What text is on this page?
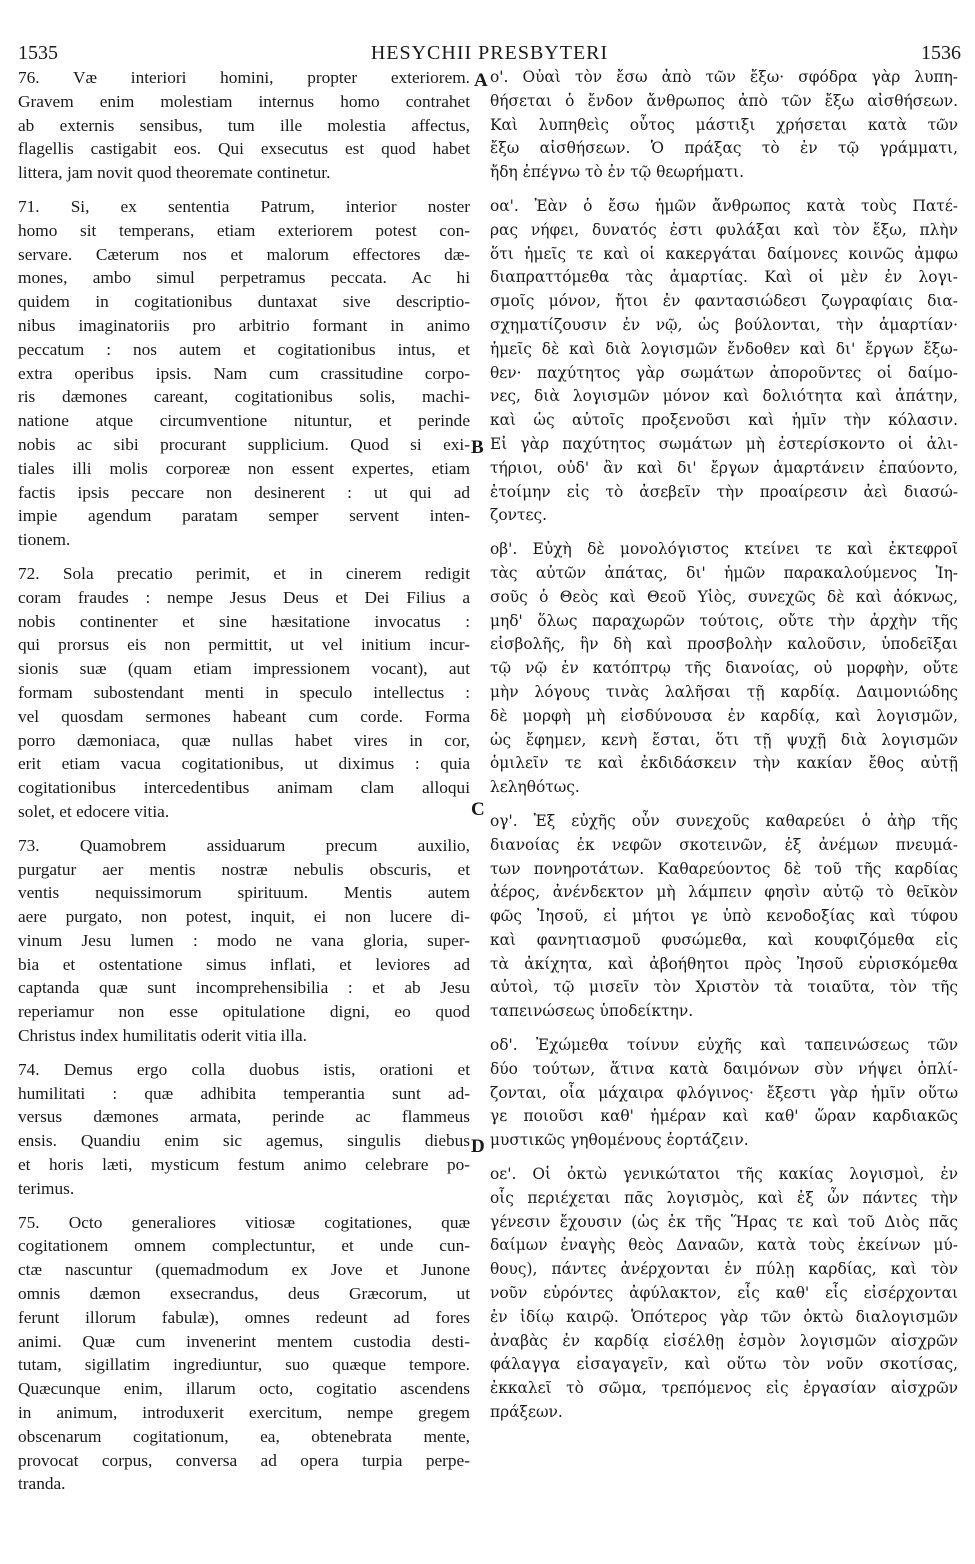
1535	HESYCHII PRESBYTERI	1536
76. Væ interiori homini, propter exteriorem.
Gravem enim molestiam internus homo contrahet
ab externis sensibus, tum ille molestia affectus,
flagellis castigabit eos. Qui exsecutus est quod habet
littera, jam novit quod theoremate continetur.
71. Si, ex sententia Patrum, interior noster
homo sit temperans, etiam exteriorem potest con-
servare. Cæterum nos et malorum effectores dæ-
mones, ambo simul perpetramus peccata. Ac hi
quidem in cogitationibus duntaxat sive descriptio-
nibus imaginatoriis pro arbitrio formant in animo
peccatum : nos autem et cogitationibus intus, et
extra operibus ipsis. Nam cum crassitudine corpo-
ris dæmones careant, cogitationibus solis, machi-
natione atque circumventione nituntur, et perinde
nobis ac sibi procurant supplicium. Quod si exi-
tiales illi molis corporeæ non essent expertes, etiam
factis ipsis peccare non desinerent : ut qui ad
impie agendum paratam semper servent inten-
tionem.
72. Sola precatio perimit, et in cinerem redigit
coram fraudes : nempe Jesus Deus et Dei Filius a
nobis continenter et sine hæsitatione invocatus :
qui prorsus eis non permittit, ut vel initium incur-
sionis suæ (quam etiam impressionem vocant), aut
formam subostendant menti in speculo intellectus :
vel quosdam sermones habeant cum corde. Forma
porro dæmoniaca, quæ nullas habet vires in cor,
erit etiam vacua cogitationibus, ut diximus : quia
cogitationibus intercedentibus animam clam alloqui
solet, et edocere vitia.
73. Quamobrem assiduarum precum auxilio,
purgatur aer mentis nostræ nebulis obscuris, et
ventis nequissimorum spirituum. Mentis autem
aere purgato, non potest, inquit, ei non lucere di-
vinum Jesu lumen : modo ne vana gloria, super-
bia et ostentatione simus inflati, et leviores ad
captanda quæ sunt incomprehensibilia : et ab Jesu
reperiamur non esse opitulatione digni, eo quod
Christus index humilitatis oderit vitia illa.
74. Demus ergo colla duobus istis, orationi et
humilitati : quæ adhibita temperantia sunt ad-
versus dæmones armata, perinde ac flammeus
ensis. Quandiu enim sic agemus, singulis diebus
et horis læti, mysticum festum animo celebrare po-
terimus.
75. Octo generaliores vitiosæ cogitationes, quæ
cogitationem omnem complectuntur, et unde cun-
ctæ nascuntur (quemadmodum ex Jove et Junone
omnis dæmon exsecrandus, deus Græcorum, ut
ferunt illorum fabulæ), omnes redeunt ad fores
animi. Quæ cum invenerint mentem custodia desti-
tutam, sigillatim ingrediuntur, suo quæque tempore.
Quæcunque enim, illarum octo, cogitatio ascendens
in animum, introduxerit exercitum, nempe gregem
obscenarum cogitationum, ea, obtenebrata mente,
provocat corpus, conversa ad opera turpia perpe-
tranda.
ο'. Οὐαὶ τὸν ἔσω ἀπὸ τῶν ἔξω· σφόδρα γὰρ λυπη-
θήσεται ὁ ἔνδον ἄνθρωπος ἀπὸ τῶν ἔξω αἰσθήσεων.
Καὶ λυπηθεὶς οὗτος μάστιξι χρήσεται κατὰ τῶν
ἔξω αἰσθήσεων. Ὁ πράξας τὸ ἐν τῷ γράμματι,
ἤδη ἐπέγνω τὸ ἐν τῷ θεωρήματι.
οα'. Ἐὰν ὁ ἔσω ἡμῶν ἄνθρωπος κατὰ τοὺς Πατέ-
ρας νήφει, δυνατός ἐστι φυλάξαι καὶ τὸν ἔξω, πλὴν
ὅτι ἡμεῖς τε καὶ οἱ κακεργάται δαίμονες κοινῶς ἀμφω
διαπραττόμεθα τὰς ἁμαρτίας. Καὶ οἱ μὲν ἐν λογι-
σμοῖς μόνον, ἤτοι ἐν φαντασιώδεσι ζωγραφίαις δια-
σχηματίζουσιν ἐν νῷ, ὡς βούλονται, τὴν ἁμαρτίαν·
ἡμεῖς δὲ καὶ διὰ λογισμῶν ἔνδοθεν καὶ δι' ἔργων ἔξω-
θεν· παχύτητος γὰρ σωμάτων ἀποροῦντες οἱ δαίμο-
νες, διὰ λογισμῶν μόνον καὶ δολιότητα καὶ ἀπάτην,
καὶ ὡς αὐτοῖς προξενοῦσι καὶ ἡμῖν τὴν κόλασιν.
Εἰ γὰρ παχύτητος σωμάτων μὴ ἐστερίσκοντο οἱ ἀλι-
τήριοι, οὐδ' ἂν καὶ δι' ἔργων ἁμαρτάνειν ἐπαύοντο,
ἑτοίμην εἰς τὸ ἀσεβεῖν τὴν προαίρεσιν ἀεὶ διασώ-
ζοντες.
οβ'. Εὐχὴ δὲ μονολόγιστος κτείνει τε καὶ ἐκτεφροῖ
τὰς αὐτῶν ἀπάτας, δι' ἡμῶν παρακαλούμενος Ἰη-
σοῦς ὁ Θεὸς καὶ Θεοῦ Υἱὸς, συνεχῶς δὲ καὶ ἀόκνως,
μηδ' ὅλως παραχωρῶν τούτοις, οὔτε τὴν ἀρχὴν τῆς
εἰσβολῆς, ἣν δὴ καὶ προσβολὴν καλοῦσιν, ὑποδεῖξαι
τῷ νῷ ἐν κατόπτρῳ τῆς διανοίας, οὐ μορφὴν, οὔτε
μὴν λόγους τινὰς λαλῆσαι τῇ καρδίᾳ. Δαιμονιώδης
δὲ μορφὴ μὴ εἰσδύνουσα ἐν καρδίᾳ, καὶ λογισμῶν,
ὡς ἔφημεν, κενὴ ἔσται, ὅτι τῇ ψυχῇ διὰ λογισμῶν
ὁμιλεῖν τε καὶ ἐκδιδάσκειν τὴν κακίαν ἔθος αὐτῇ
λεληθότως.
ογ'. Ἐξ εὐχῆς οὖν συνεχοῦς καθαρεύει ὁ ἀὴρ τῆς
διανοίας ἐκ νεφῶν σκοτεινῶν, ἐξ ἀνέμων πνευμά-
των πονηροτάτων. Καθαρεύοντος δὲ τοῦ τῆς καρδίας
ἀέρος, ἀνένδεκτον μὴ λάμπειν φησὶν αὐτῷ τὸ θεῖκὸν
φῶς Ἰησοῦ, εἰ μήτοι γε ὑπὸ κενοδοξίας καὶ τύφου
καὶ φανητιασμοῦ φυσώμεθα, καὶ κουφιζόμεθα εἰς
τὰ ἀκίχητα, καὶ ἀβοήθητοι πρὸς Ἰησοῦ εὑρισκόμεθα
αὐτοὶ, τῷ μισεῖν τὸν Χριστὸν τὰ τοιαῦτα, τὸν τῆς
ταπεινώσεως ὑποδείκτην.
οδ'. Ἐχώμεθα τοίνυν εὐχῆς καὶ ταπεινώσεως τῶν
δύο τούτων, ἅτινα κατὰ δαιμόνων σὺν νήψει ὁπλί-
ζονται, οἷα μάχαιρα φλόγινος· ἔξεστι γὰρ ἡμῖν οὕτω
γε ποιοῦσι καθ' ἡμέραν καὶ καθ' ὥραν καρδιακῶς
μυστικῶς γηθομένους ἑορτάζειν.
οε'. Οἱ ὀκτὼ γενικώτατοι τῆς κακίας λογισμοὶ, ἐν
οἷς περιέχεται πᾶς λογισμὸς, καὶ ἐξ ὧν πάντες τὴν
γένεσιν ἔχουσιν (ὡς ἐκ τῆς Ἥρας τε καὶ τοῦ Διὸς πᾶς
δαίμων ἐναγὴς θεὸς Δαναῶν, κατὰ τοὺς ἐκείνων μύ-
θους), πάντες ἀνέρχονται ἐν πύλῃ καρδίας, καὶ τὸν
νοῦν εὑρόντες ἀφύλακτον, εἷς καθ' εἷς εἰσέρχονται
ἐν ἰδίῳ καιρῷ. Ὁπότερος γὰρ τῶν ὀκτὼ διαλογισμῶν
ἀναβὰς ἐν καρδίᾳ εἰσέλθῃ ἑσμὸν λογισμῶν αἰσχρῶν
φάλαγγα εἰσαγαγεῖν, καὶ οὕτω τὸν νοῦν σκοτίσας,
ἐκκαλεῖ τὸ σῶμα, τρεπόμενος εἰς ἐργασίαν αἰσχρῶν
πράξεων.
A
B
C
D
